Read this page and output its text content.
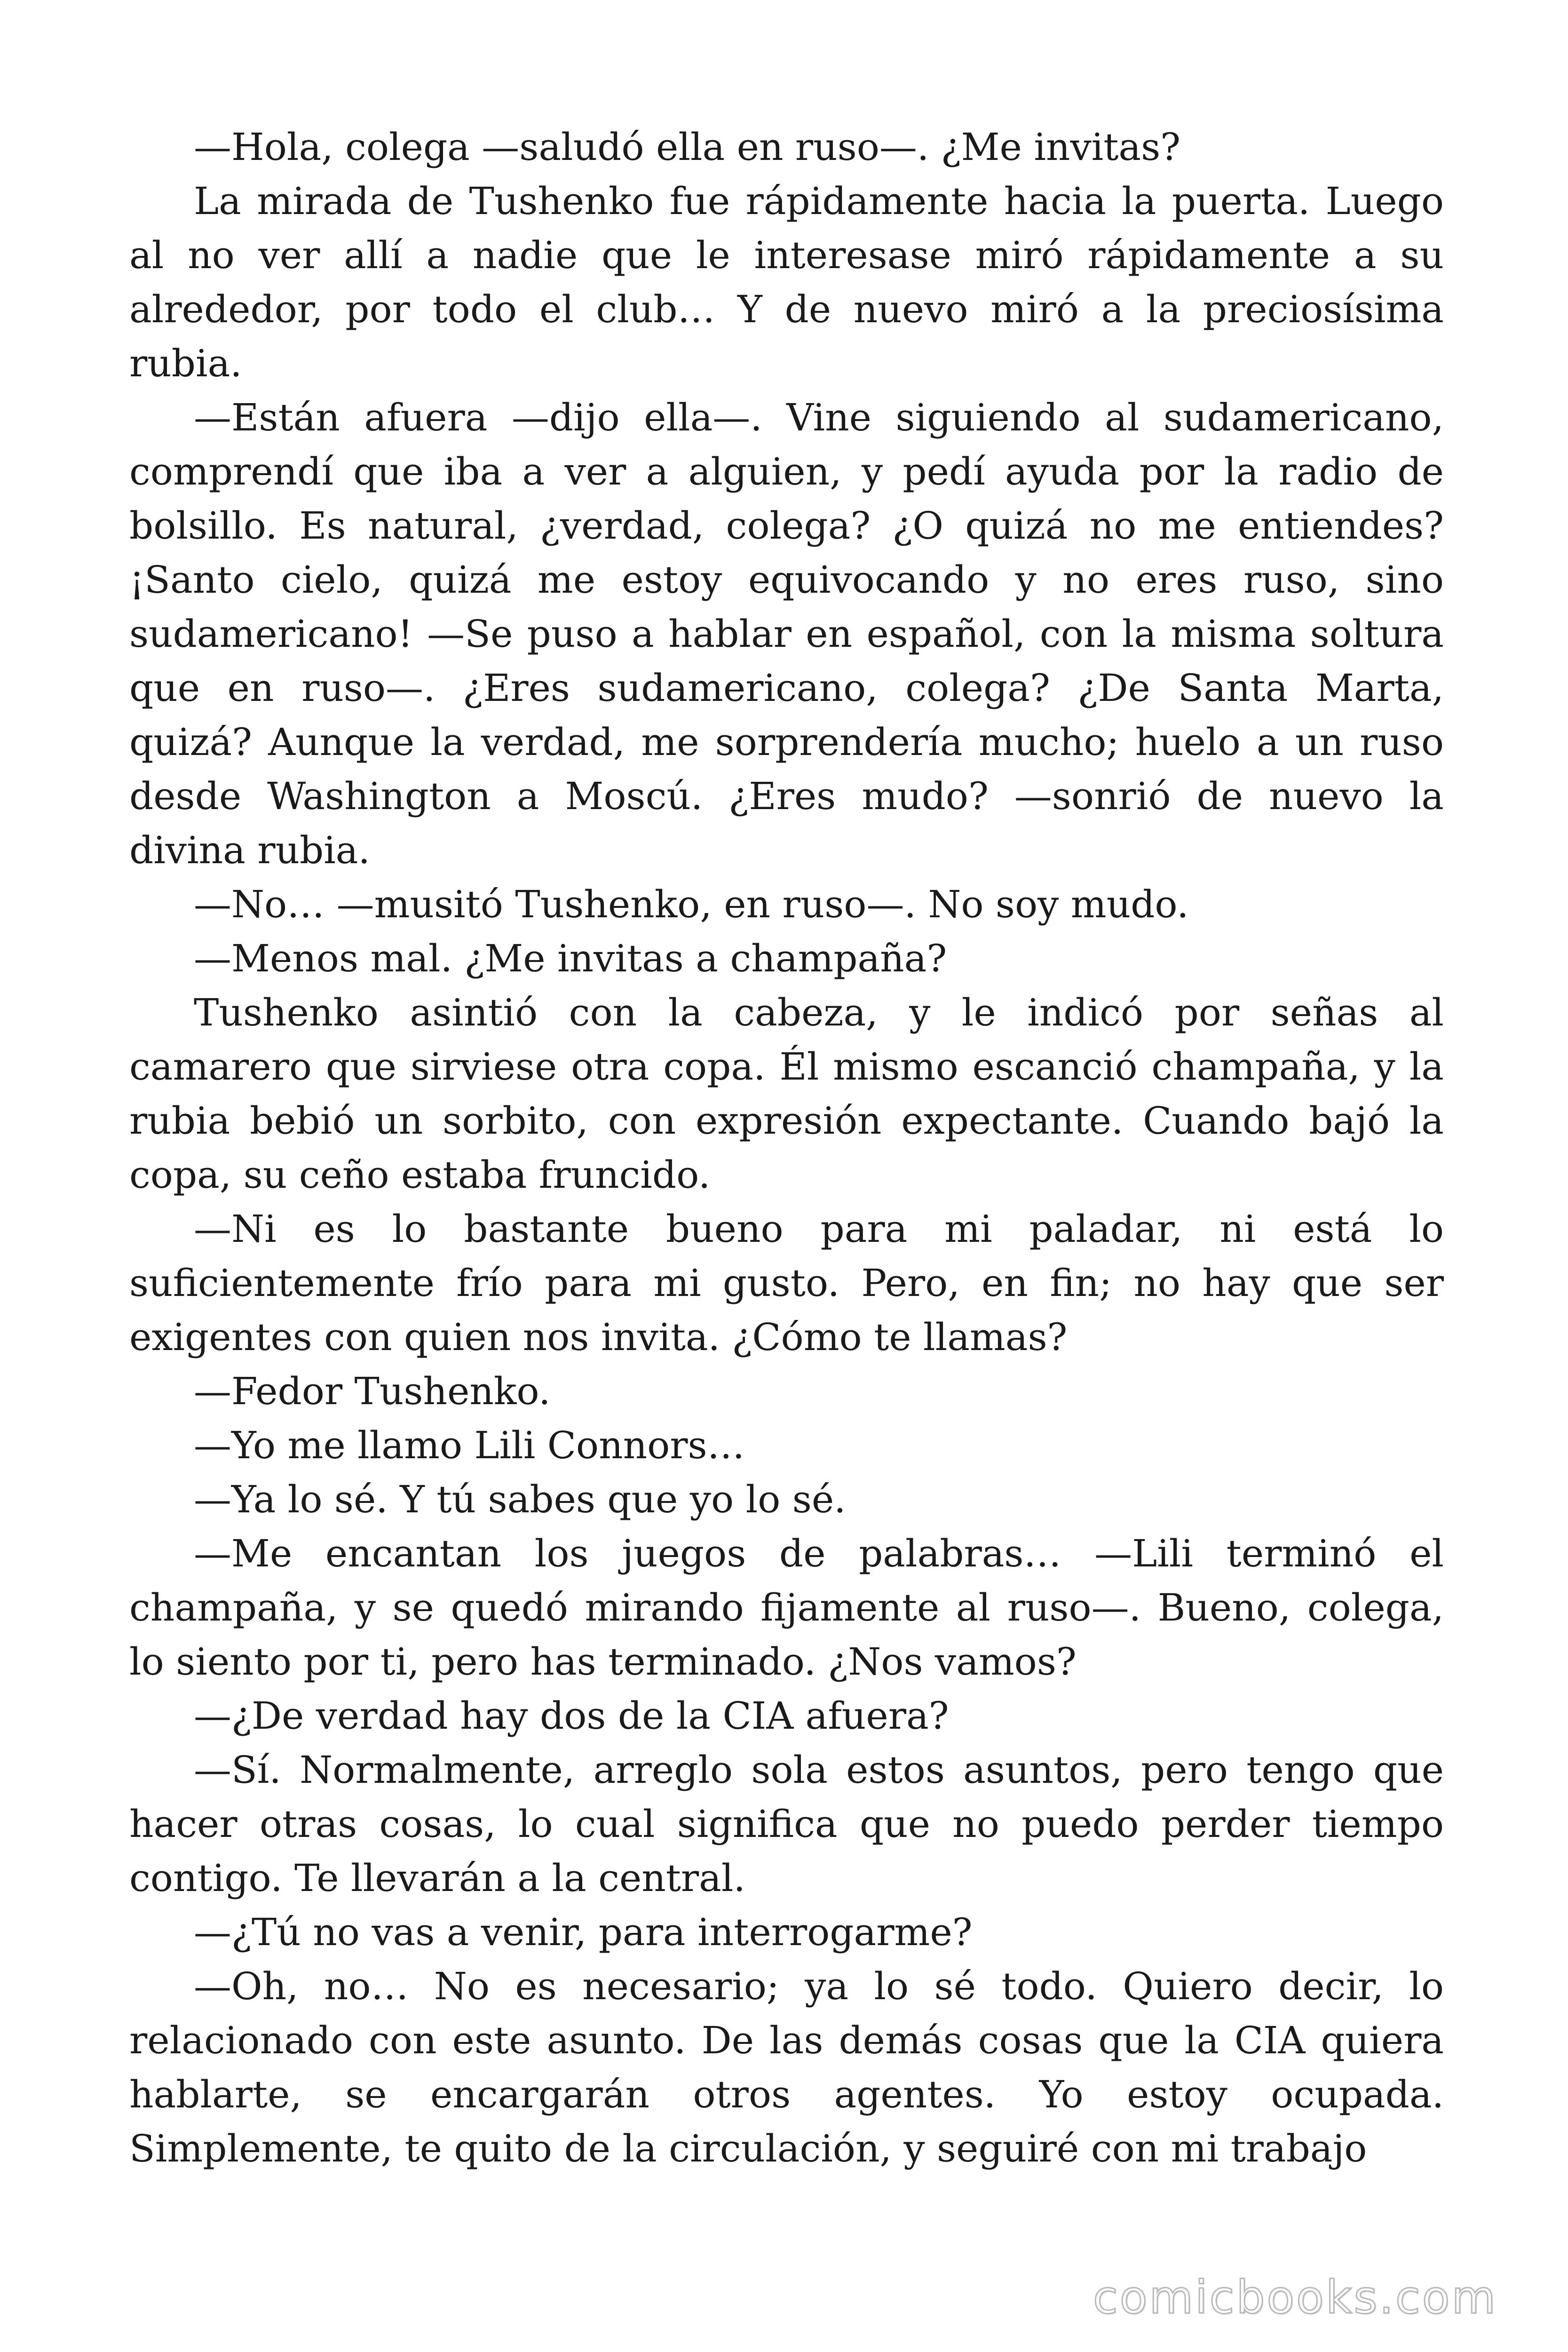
—Hola, colega —saludó ella en ruso—. ¿Me invitas?

La mirada de Tushenko fue rápidamente hacia la puerta. Luego al no ver allí a nadie que le interesase miró rápidamente a su alrededor, por todo el club… Y de nuevo miró a la preciosísima rubia.

—Están afuera —dijo ella—. Vine siguiendo al sudamericano, comprendí que iba a ver a alguien, y pedí ayuda por la radio de bolsillo. Es natural, ¿verdad, colega? ¿O quizá no me entiendes? ¡Santo cielo, quizá me estoy equivocando y no eres ruso, sino sudamericano! —Se puso a hablar en español, con la misma soltura que en ruso—. ¿Eres sudamericano, colega? ¿De Santa Marta, quizá? Aunque la verdad, me sorprendería mucho; huelo a un ruso desde Washington a Moscú. ¿Eres mudo? —sonrió de nuevo la divina rubia.

—No… —musitó Tushenko, en ruso—. No soy mudo.

—Menos mal. ¿Me invitas a champaña?

Tushenko asintió con la cabeza, y le indicó por señas al camarero que sirviese otra copa. Él mismo escanció champaña, y la rubia bebió un sorbito, con expresión expectante. Cuando bajó la copa, su ceño estaba fruncido.

—Ni es lo bastante bueno para mi paladar, ni está lo suficientemente frío para mi gusto. Pero, en fin; no hay que ser exigentes con quien nos invita. ¿Cómo te llamas?

—Fedor Tushenko.

—Yo me llamo Lili Connors…

—Ya lo sé. Y tú sabes que yo lo sé.

—Me encantan los juegos de palabras… —Lili terminó el champaña, y se quedó mirando fijamente al ruso—. Bueno, colega, lo siento por ti, pero has terminado. ¿Nos vamos?

—¿De verdad hay dos de la CIA afuera?

—Sí. Normalmente, arreglo sola estos asuntos, pero tengo que hacer otras cosas, lo cual significa que no puedo perder tiempo contigo. Te llevarán a la central.

—¿Tú no vas a venir, para interrogarme?

—Oh, no… No es necesario; ya lo sé todo. Quiero decir, lo relacionado con este asunto. De las demás cosas que la CIA quiera hablarte, se encargarán otros agentes. Yo estoy ocupada. Simplemente, te quito de la circulación, y seguiré con mi trabajo

comicbooks.com
